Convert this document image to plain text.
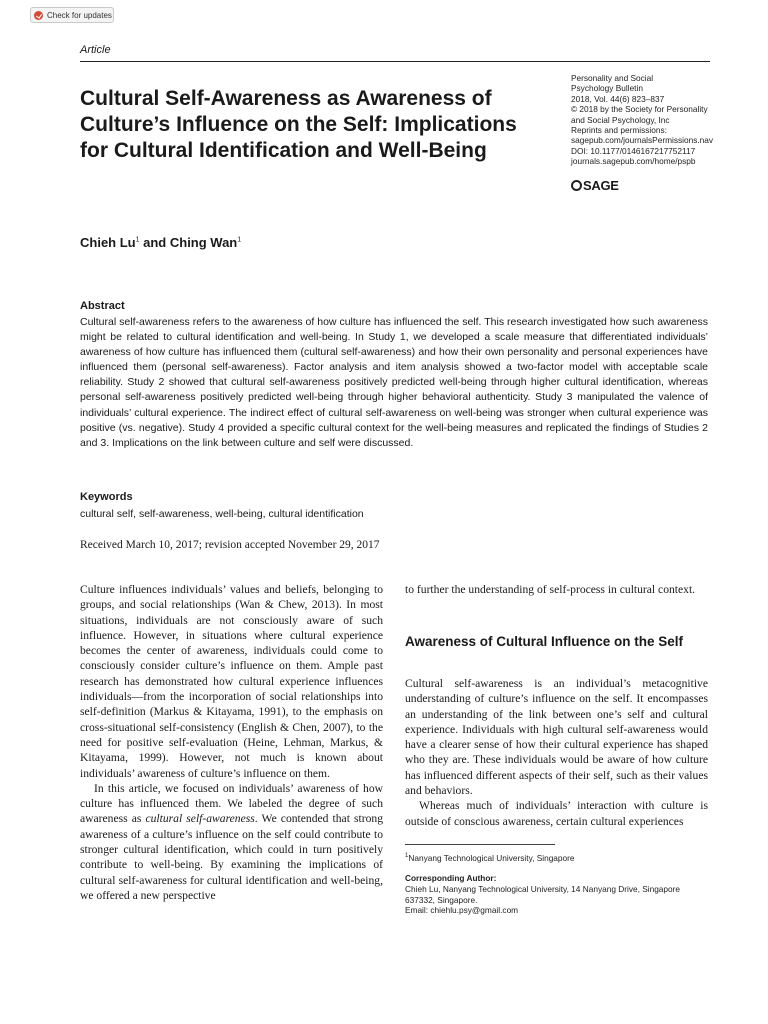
Check for updates
Article
Cultural Self-Awareness as Awareness of Culture’s Influence on the Self: Implications for Cultural Identification and Well-Being
Personality and Social
Psychology Bulletin
2018, Vol. 44(6) 823–837
© 2018 by the Society for Personality
and Social Psychology, Inc
Reprints and permissions:
sagepub.com/journalsPermissions.nav
DOI: 10.1177/0146167217752117
journals.sagepub.com/home/pspb
SAGE
Chieh Lu$^1$ and Ching Wan$^1$
Abstract
Cultural self-awareness refers to the awareness of how culture has influenced the self. This research investigated how such awareness might be related to cultural identification and well-being. In Study 1, we developed a scale measure that differentiated individuals’ awareness of how culture has influenced them (cultural self-awareness) and how their own personality and personal experiences have influenced them (personal self-awareness). Factor analysis and item analysis showed a two-factor model with acceptable scale reliability. Study 2 showed that cultural self-awareness positively predicted well-being through higher cultural identification, whereas personal self-awareness positively predicted well-being through higher behavioral authenticity. Study 3 manipulated the valence of individuals’ cultural experience. The indirect effect of cultural self-awareness on well-being was stronger when cultural experience was positive (vs. negative). Study 4 provided a specific cultural context for the well-being measures and replicated the findings of Studies 2 and 3. Implications on the link between culture and self were discussed.
Keywords
cultural self, self-awareness, well-being, cultural identification
Received March 10, 2017; revision accepted November 29, 2017

Culture influences individuals’ values and beliefs, belonging to groups, and social relationships (Wan & Chew, 2013). In most situations, individuals are not consciously aware of such influence. However, in situations where cultural experience becomes the center of awareness, individuals could come to consciously consider culture’s influence on them. Ample past research has demonstrated how cultural experience influences individuals—from the incorporation of social relationships into self-definition (Markus & Kitayama, 1991), to the emphasis on cross-situational self-consistency (English & Chen, 2007), to the need for positive self-evaluation (Heine, Lehman, Markus, & Kitayama, 1999). However, not much is known about individuals’ awareness of culture’s influence on them.

In this article, we focused on individuals’ awareness of how culture has influenced them. We labeled the degree of such awareness as cultural self-awareness. We contended that strong awareness of a culture’s influence on the self could contribute to stronger cultural identification, which could in turn positively contribute to well-being. By examining the implications of cultural self-awareness for cultural identification and well-being, we offered a new perspective

to further the understanding of self-process in cultural context.
Awareness of Cultural Influence on the Self

Cultural self-awareness is an individual’s metacognitive understanding of culture’s influence on the self. It encompasses an understanding of the link between one’s self and cultural experience. Individuals with high cultural self-awareness would have a clearer sense of how their cultural experience has shaped who they are. These individuals would be aware of how culture has influenced different aspects of their self, such as their values and behaviors.

Whereas much of individuals’ interaction with culture is outside of conscious awareness, certain cultural experiences

$^1$Nanyang Technological University, Singapore
Corresponding Author:
Chieh Lu, Nanyang Technological University, 14 Nanyang Drive, Singapore 637332, Singapore.
Email: chiehlu.psy@gmail.com
